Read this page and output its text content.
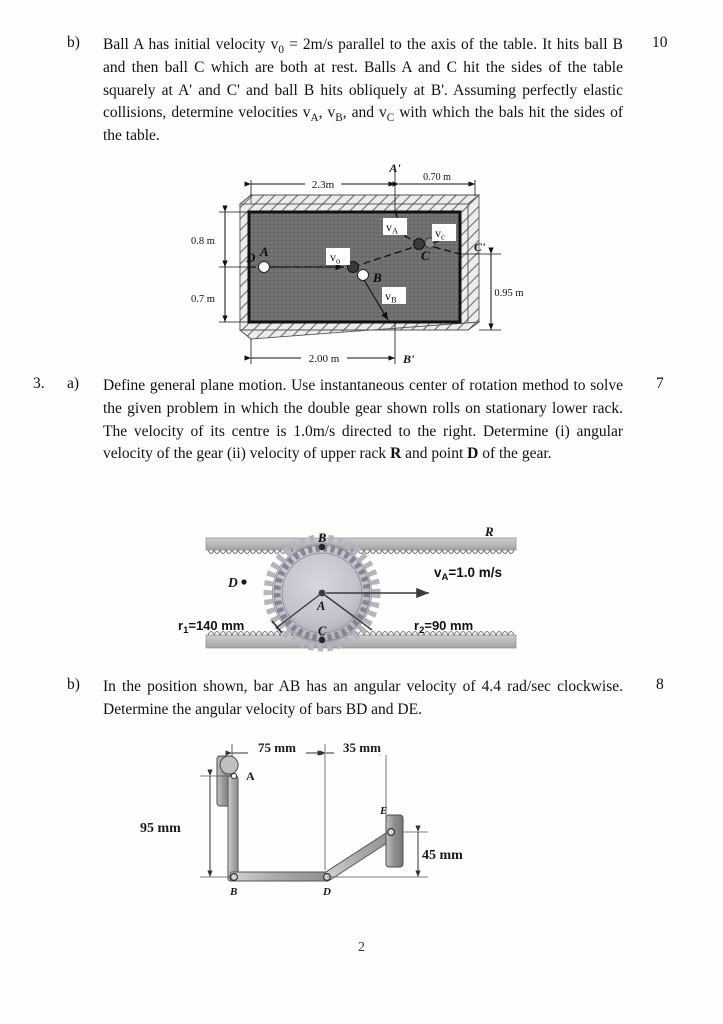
b) Ball A has initial velocity $v_0 = 2m/s$ parallel to the axis of the table. It hits ball B and then ball C which are both at rest. Balls A and C hit the sides of the table squarely at A' and C' and ball B hits obliquely at B'. Assuming perfectly elastic collisions, determine velocities $v_A$, $v_B$, and $v_C$ with which the bals hit the sides of the table.
10
2.3m
0.70 m
A'
0.8 m
0.7 m
0.95 m
C'
2.00 m	B'
D A
B
C
$v_o$
$v_A$
$v_B$
$v_c$
3. a) Define general plane motion. Use instantaneous center of rotation method to solve the given problem in which the double gear shown rolls on stationary lower rack. The velocity of its centre is 1.0m/s directed to the right. Determine (i) angular velocity of the gear (ii) velocity of upper rack R and point D of the gear.
7
B
C
A
D
R
$v_A=1.0$ m/s
$r_1=140$ mm	$r_2=90$ mm
b) In the position shown, bar AB has an angular velocity of 4.4 rad/sec clockwise. Determine the angular velocity of bars BD and DE.
8
75 mm	35 mm
95 mm
45 mm
A
B	D
E
2
